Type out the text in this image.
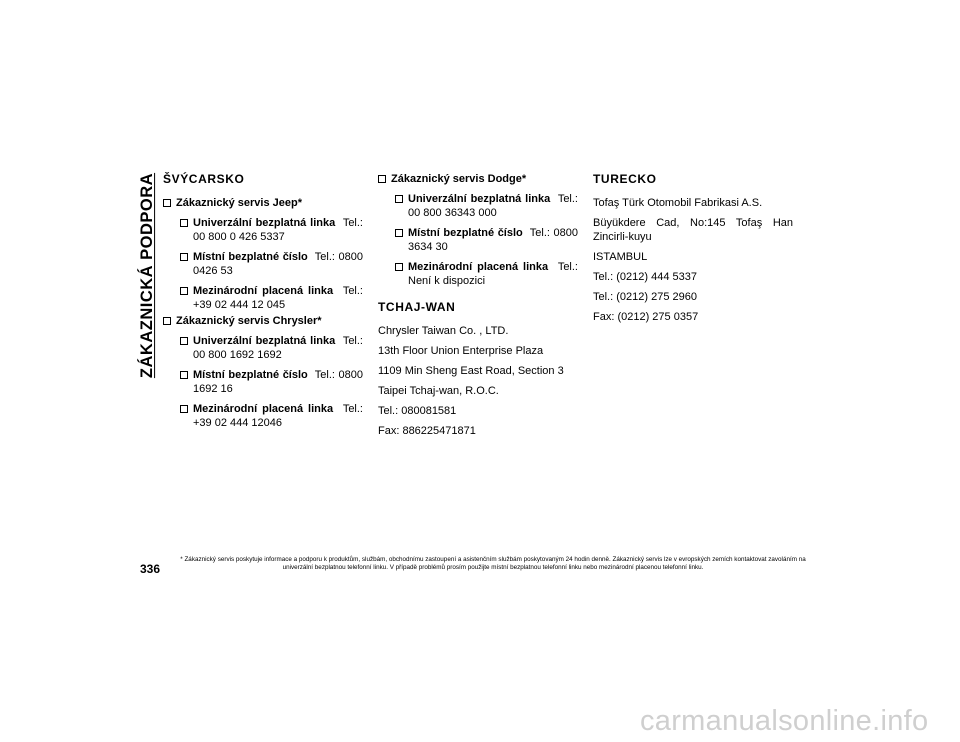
ZÁKAZNICKÁ PODPORA ŠVÝCARSKO
Zákaznický servis Jeep*
Univerzální bezplatná linka Tel.: 00 800 0 426 5337
Místní bezplatné číslo Tel.: 0800 0426 53
Mezinárodní placená linka Tel.: +39 02 444 12 045
Zákaznický servis Chrysler*
Univerzální bezplatná linka Tel.: 00 800 1692 1692
Místní bezplatné číslo Tel.: 0800 1692 16
Mezinárodní placená linka Tel.: +39 02 444 12046
Zákaznický servis Dodge*
Univerzální bezplatná linka Tel.: 00 800 36343 000
Místní bezplatné číslo Tel.: 0800 3634 30
Mezinárodní placená linka Tel.: Není k dispozici
TCHAJ-WAN
Chrysler Taiwan Co. , LTD.
13th Floor Union Enterprise Plaza
1109 Min Sheng East Road, Section 3
Taipei Tchaj-wan, R.O.C.
Tel.: 080081581
Fax: 886225471871
TURECKO
Tofaş Türk Otomobil Fabrikasi A.S.
Büyükdere Cad, No:145 Tofaş Han Zincirli-kuyu
ISTAMBUL
Tel.: (0212) 444 5337
Tel.: (0212) 275 2960
Fax: (0212) 275 0357
336
* Zákaznický servis poskytuje informace a podporu k produktům, službám, obchodnímu zastoupení a asistenčním službám poskytovaným 24 hodin denně. Zákaznický servis lze v evropských zemích kontaktovat zavoláním na univerzální bezplatnou telefonní linku. V případě problémů prosím použijte místní bezplatnou telefonní linku nebo mezinárodní placenou telefonní linku.
carmanualsonline.info
